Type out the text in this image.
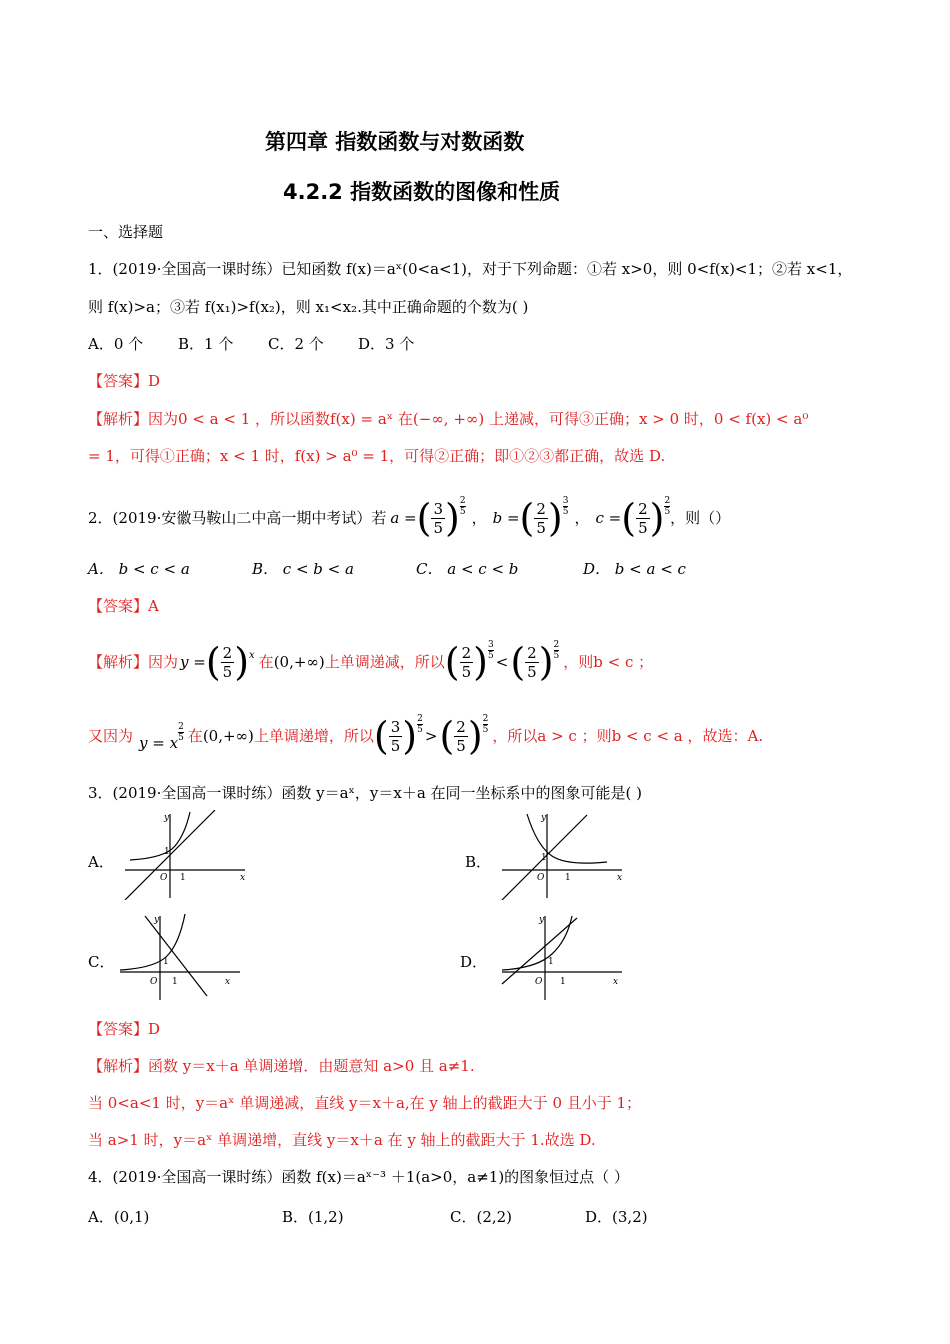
第四章 指数函数与对数函数
4.2.2 指数函数的图像和性质
一、选择题
1．(2019·全国高一课时练）已知函数 f(x)＝aˣ(0<a<1)，对于下列命题：①若 x>0，则 0<f(x)<1；②若 x<1，
则 f(x)>a；③若 f(x₁)>f(x₂)，则 x₁<x₂.其中正确命题的个数为( )
A．0 个 B．1 个 C．2 个 D．3 个
【答案】D
【解析】因为0 < a < 1 ，所以函数f(x) = aˣ 在(−∞, +∞) 上递减，可得③正确；x > 0 时，0 < f(x) < a⁰
= 1，可得①正确；x < 1 时，f(x) > a⁰ = 1，可得②正确；即①②③都正确，故选 D.
2．(2019·安徽马鞍山二中高一期中考试）若 a = ( $\frac{3}{5}$ ) 2
5 ， b = ( $\frac{2}{5}$ ) 3
5 ， c = ( $\frac{2}{5}$ ) 2
5 ，则（）
A． b < c < a	B． c < b < a	C． a < c < b	D． b < a < c
【答案】A
【解析】因为 y = ( $\frac{2}{5}$ ) x 在 (0,+∞) 上单调递减，所以 ( $\frac{2}{5}$ ) 3
5 < ( $\frac{2}{5}$ ) 2
5 ，则b < c ；
又因为 y = x
2
5 在 (0,+∞) 上单调递增，所以 ( $\frac{3}{5}$ ) 2
5 > ( $\frac{2}{5}$ ) 2
5 ，所以a > c ；则b < c < a ，故选：A.
3．(2019·全国高一课时练）函数 y＝aˣ，y＝x＋a 在同一坐标系中的图象可能是( )
A．	B．
C．	D．
y
x
O 1
1
y
x
O 1
1
y
x
O 1
1
y
x
O 1
1
【答案】D
【解析】函数 y＝x＋a 单调递增．由题意知 a>0 且 a≠1.
当 0<a<1 时，y＝aˣ 单调递减，直线 y＝x＋a,在 y 轴上的截距大于 0 且小于 1；
当 a>1 时，y＝aˣ 单调递增，直线 y＝x＋a 在 y 轴上的截距大于 1.故选 D.
4．(2019·全国高一课时练）函数 f(x)＝aˣ⁻³ ＋1(a>0，a≠1)的图象恒过点（ ）
A．(0,1)	B．(1,2)	C．(2,2)	D．(3,2)
